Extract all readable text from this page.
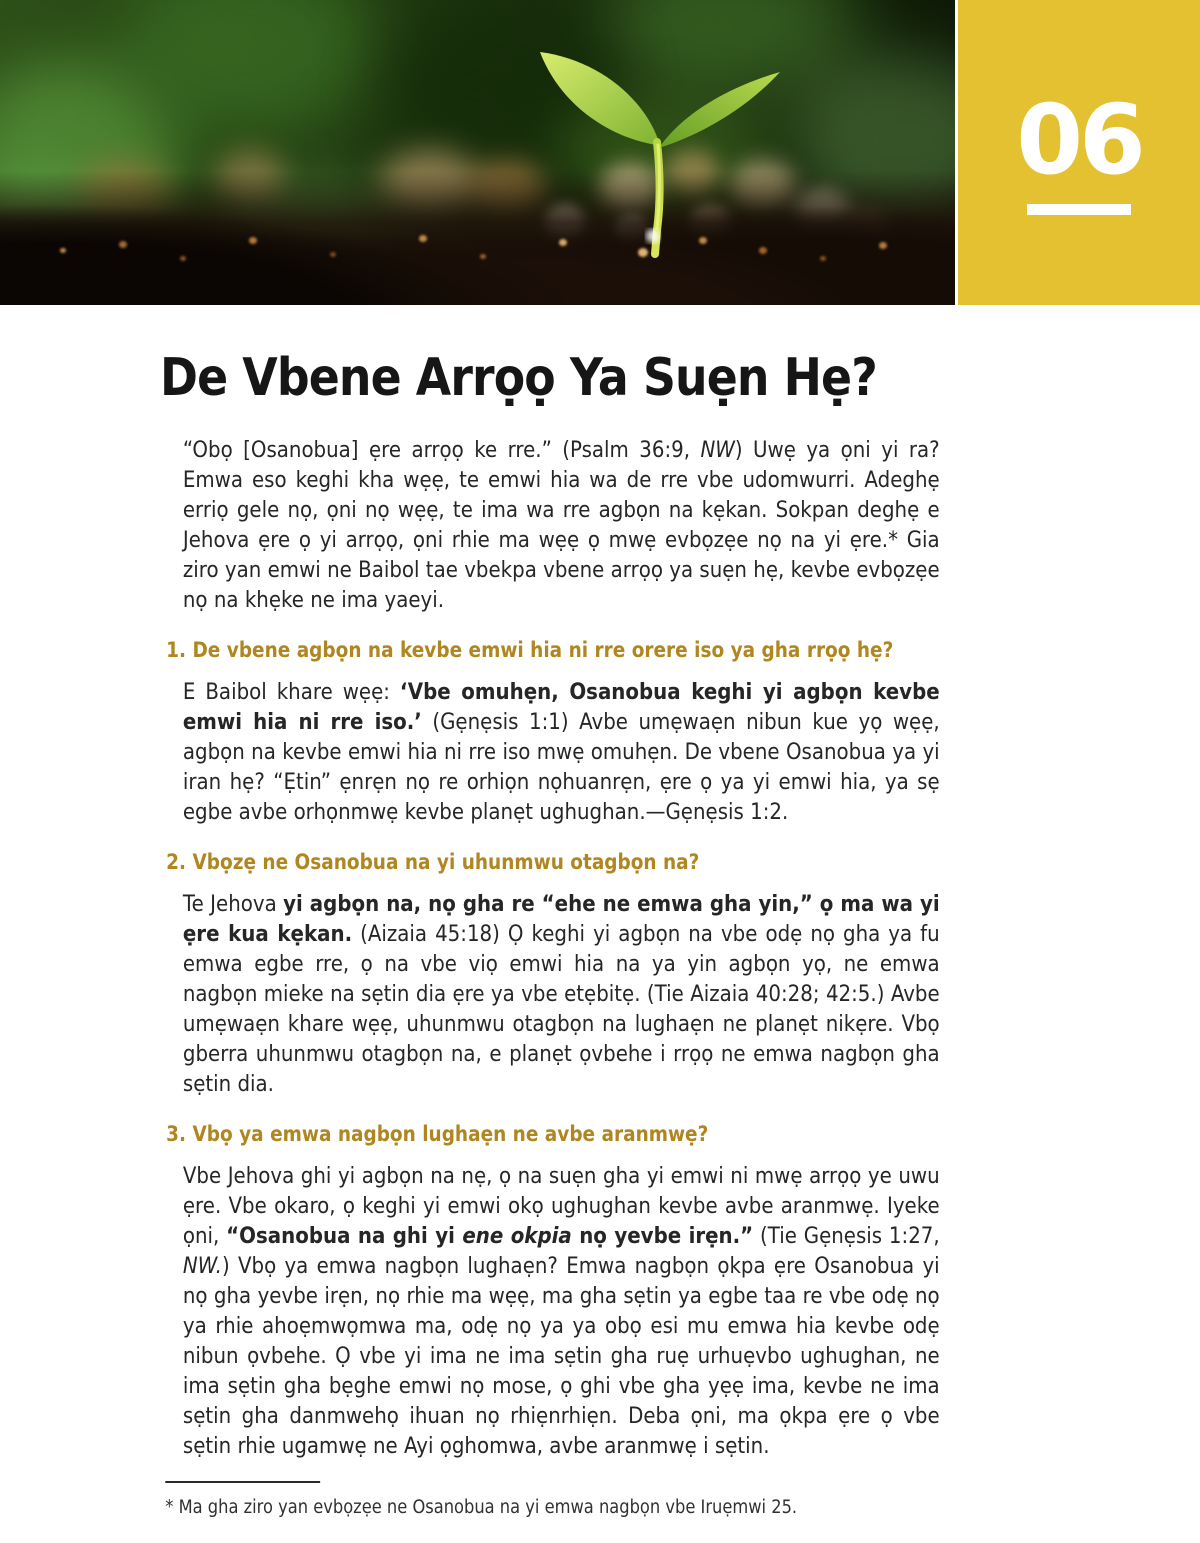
06
De Vbene Arrọọ Ya Suẹn Hẹ?

“Obọ [Osanobua] ẹre arrọọ ke rre.” (Psalm 36:9, NW) Uwẹ ya ọni yi ra? Emwa eso keghi kha wẹẹ, te emwi hia wa de rre vbe udomwurri. Adeghẹ erriọ gele nọ, ọni nọ wẹẹ, te ima wa rre agbọn na kẹkan. Sokpan deghẹ e Jehova ẹre ọ yi arrọọ, ọni rhie ma wẹẹ ọ mwẹ evbọzẹe nọ na yi ẹre.* Gia ziro yan emwi ne Baibol tae vbekpa vbene arrọọ ya suẹn hẹ, kevbe evbọzẹe nọ na khẹke ne ima yaeyi.

1. De vbene agbọn na kevbe emwi hia ni rre orere iso ya gha rrọọ hẹ?

E Baibol khare wẹẹ: ‘Vbe omuhẹn, Osanobua keghi yi agbọn kevbe emwi hia ni rre iso.’ (Gẹnẹsis 1:1) Avbe umẹwaẹn nibun kue yọ wẹẹ, agbọn na kevbe emwi hia ni rre iso mwẹ omuhẹn. De vbene Osanobua ya yi iran hẹ? “Ẹtin” ẹnrẹn nọ re orhiọn nọhuanrẹn, ẹre ọ ya yi emwi hia, ya sẹ egbe avbe orhọnmwẹ kevbe planẹt ughughan.—Gẹnẹsis 1:2.

2. Vbọzẹ ne Osanobua na yi uhunmwu otagbọn na?

Te Jehova yi agbọn na, nọ gha re “ehe ne emwa gha yin,” ọ ma wa yi ẹre kua kẹkan. (Aizaia 45:18) Ọ keghi yi agbọn na vbe odẹ nọ gha ya fu emwa egbe rre, ọ na vbe viọ emwi hia na ya yin agbọn yọ, ne emwa nagbọn mieke na sẹtin dia ẹre ya vbe etẹbitẹ. (Tie Aizaia 40:28; 42:5.) Avbe umẹwaẹn khare wẹẹ, uhunmwu otagbọn na lughaẹn ne planẹt nikẹre. Vbọ gberra uhunmwu otagbọn na, e planẹt ọvbehe i rrọọ ne emwa nagbọn gha sẹtin dia.

3. Vbọ ya emwa nagbọn lughaẹn ne avbe aranmwẹ?

Vbe Jehova ghi yi agbọn na nẹ, ọ na suẹn gha yi emwi ni mwẹ arrọọ ye uwu ẹre. Vbe okaro, ọ keghi yi emwi okọ ughughan kevbe avbe aranmwẹ. Iyeke ọni, “Osanobua na ghi yi ene okpia nọ yevbe irẹn.” (Tie Gẹnẹsis 1:27, NW.) Vbọ ya emwa nagbọn lughaẹn? Emwa nagbọn ọkpa ẹre Osanobua yi nọ gha yevbe irẹn, nọ rhie ma wẹẹ, ma gha sẹtin ya egbe taa re vbe odẹ nọ ya rhie ahoẹmwọmwa ma, odẹ nọ ya ya obọ esi mu emwa hia kevbe odẹ nibun ọvbehe. Ọ vbe yi ima ne ima sẹtin gha ruẹ urhuẹvbo ughughan, ne ima sẹtin gha bẹghe emwi nọ mose, ọ ghi vbe gha yẹẹ ima, kevbe ne ima sẹtin gha danmwehọ ihuan nọ rhiẹnrhiẹn. Deba ọni, ma ọkpa ẹre ọ vbe sẹtin rhie ugamwẹ ne Ayi ọghomwa, avbe aranmwẹ i sẹtin.

* Ma gha ziro yan evbọzẹe ne Osanobua na yi emwa nagbọn vbe Iruẹmwi 25.
